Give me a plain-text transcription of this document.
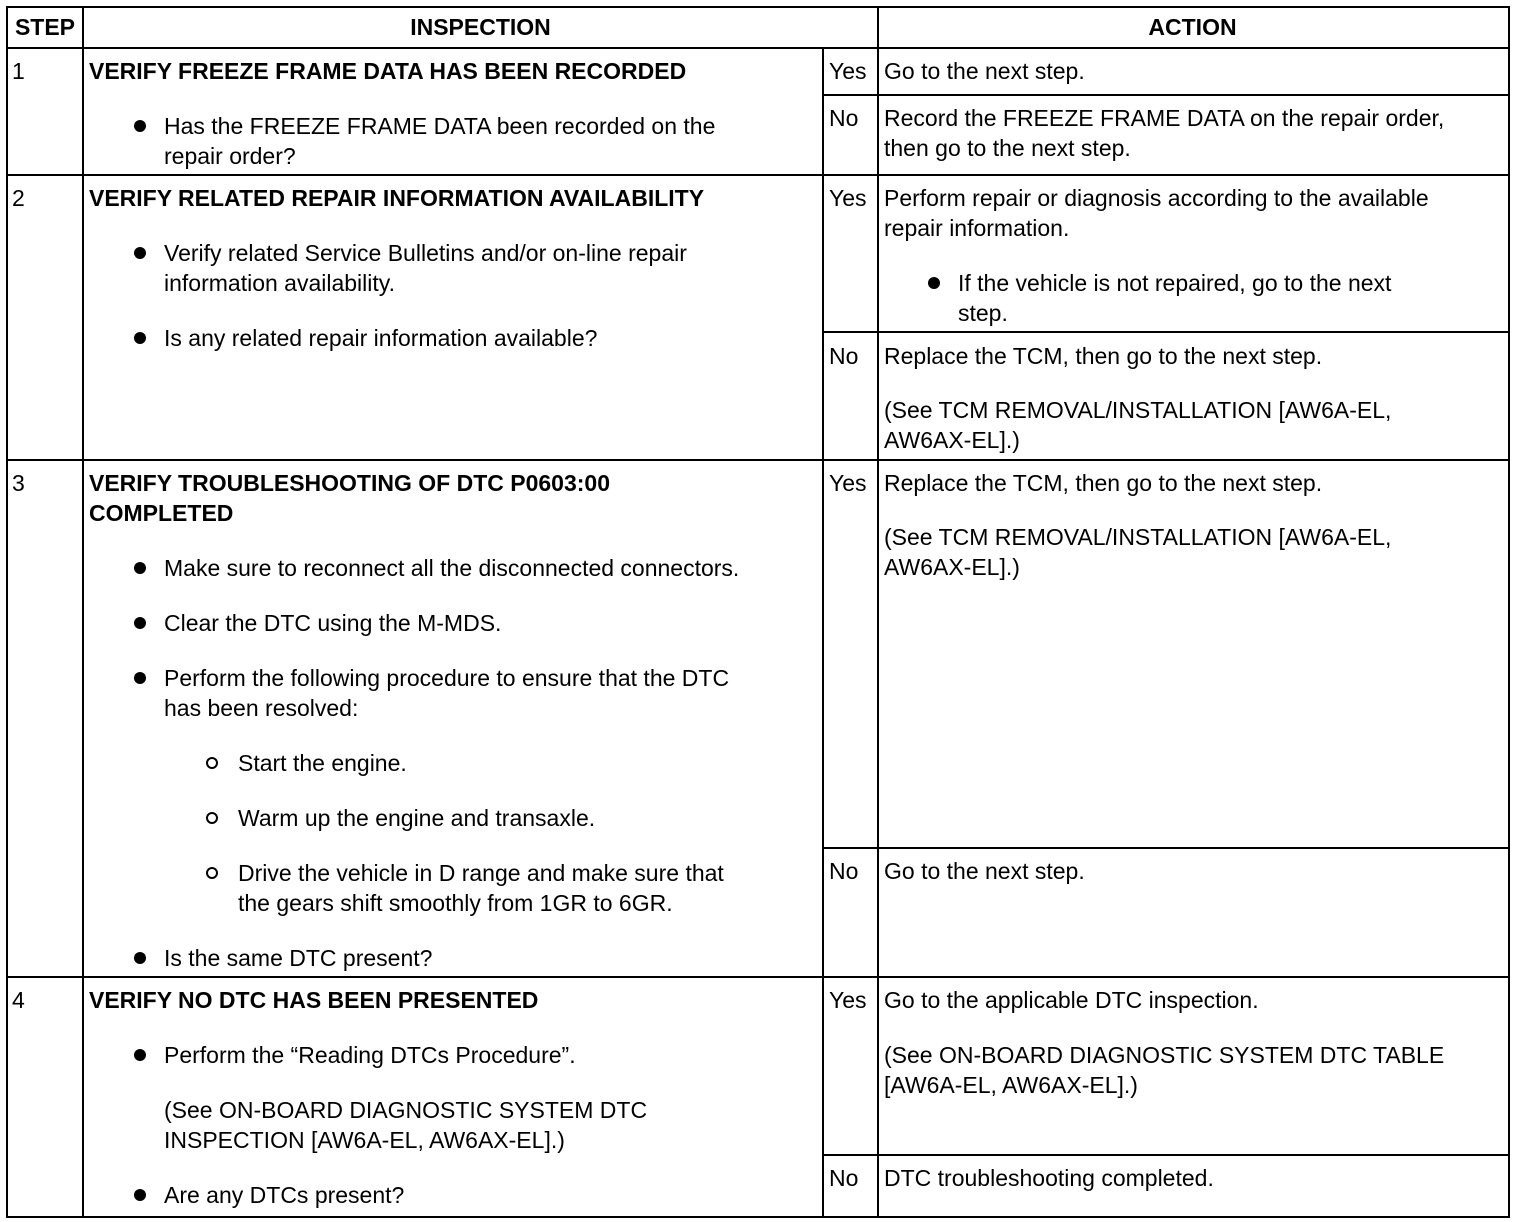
STEP	INSPECTION	ACTION
1	VERIFY FREEZE FRAME DATA HAS BEEN RECORDED
Has the FREEZE FRAME DATA been recorded on the
repair order?
Yes Go to the next step.
No Record the FREEZE FRAME DATA on the repair order,
then go to the next step.
2	VERIFY RELATED REPAIR INFORMATION AVAILABILITY
Verify related Service Bulletins and/or on-line repair
information availability.
Is any related repair information available?
Yes Perform repair or diagnosis according to the available
repair information.
If the vehicle is not repaired, go to the next
step.
No Replace the TCM, then go to the next step.
(See TCM REMOVAL/INSTALLATION [AW6A-EL,
AW6AX-EL].)
3	VERIFY TROUBLESHOOTING OF DTC P0603:00
COMPLETED
Make sure to reconnect all the disconnected connectors.
Clear the DTC using the M-MDS.
Perform the following procedure to ensure that the DTC
has been resolved:
Start the engine.
Warm up the engine and transaxle.
Drive the vehicle in D range and make sure that
the gears shift smoothly from 1GR to 6GR.
Is the same DTC present?
Yes Replace the TCM, then go to the next step.
(See TCM REMOVAL/INSTALLATION [AW6A-EL,
AW6AX-EL].)
No Go to the next step.
4	VERIFY NO DTC HAS BEEN PRESENTED
Perform the “Reading DTCs Procedure”.
(See ON-BOARD DIAGNOSTIC SYSTEM DTC
INSPECTION [AW6A-EL, AW6AX-EL].)
Are any DTCs present?
Yes Go to the applicable DTC inspection.
(See ON-BOARD DIAGNOSTIC SYSTEM DTC TABLE
[AW6A-EL, AW6AX-EL].)
No DTC troubleshooting completed.
